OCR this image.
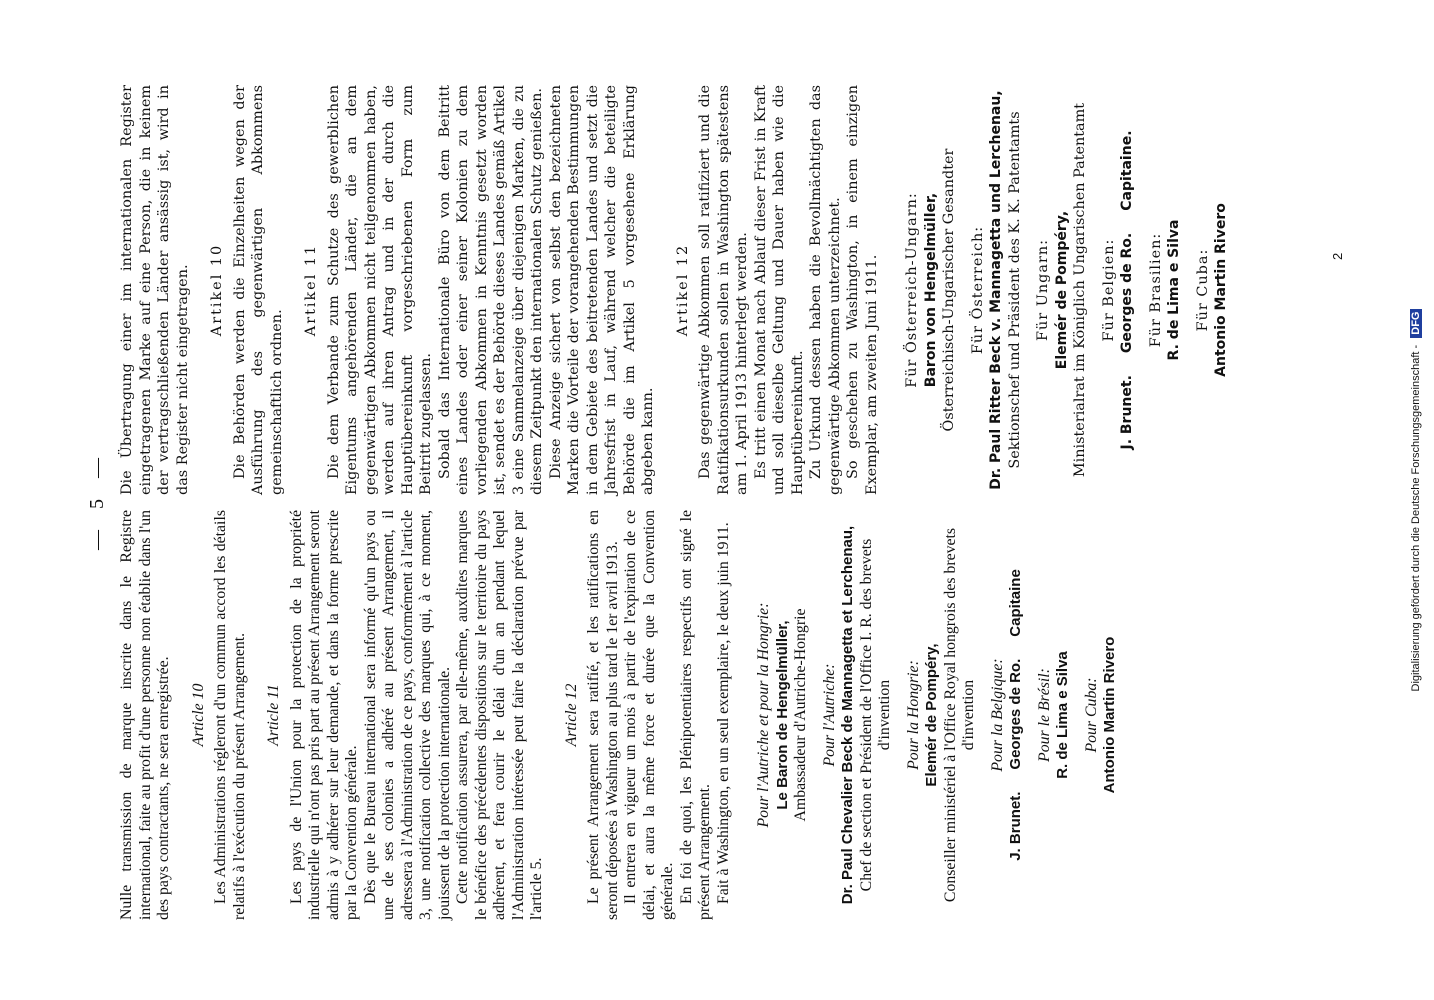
— 5 —

Nulle transmission de marque inscrite dans le Registre international, faite au profit d'une personne non établie dans l'un des pays contractants, ne sera enregistrée. Article 10 Les Administrations régleront d'un commun accord les détails relatifs à l'exécution du présent Arrangement. Article 11 Les pays de l'Union pour la protection de la propriété industrielle qui n'ont pas pris part au présent Arrangement seront admis à y adhérer sur leur demande, et dans la forme prescrite par la Convention générale. Dès que le Bureau international sera informé qu'un pays ou une de ses colonies a adhéré au présent Arrangement, il adressera à l'Administration de ce pays, conformément à l'article 3, une notification collective des marques qui, à ce moment, jouissent de la protection internationale. Cette notification assurera, par elle-même, auxdites marques le bénéfice des précédentes dispositions sur le territoire du pays adhérent, et fera courir le délai d'un an pendant lequel l'Administration intéressée peut faire la déclaration prévue par l'article 5.

Article 12 Le présent Arrangement sera ratifié, et les ratifications en seront déposées à Washington au plus tard le 1er avril 1913. Il entrera en vigueur un mois à partir de l'expiration de ce délai, et aura la même force et durée que la Convention générale. En foi de quoi, les Plénipotentiaires respectifs ont signé le présent Arrangement. Fait à Washington, en un seul exemplaire, le deux juin 1911. Pour l'Autriche et pour la Hongrie: Le Baron de Hengelmüller, Ambassadeur d'Autriche-Hongrie Pour l'Autriche: Dr. Paul Chevalier Beck de Mannagetta et Lerchenau, Chef de section et Président de l'Office I. R. des brevets d'invention Pour la Hongrie: Elemér de Pompéry, Conseiller ministériel à l'Office Royal hongrois des brevets d'invention Pour la Belgique:
J. Brunet.
Georges de Ro.
Capitaine
Pour le Brésil: R. de Lima e Silva Pour Cuba: Antonio Martin Rivero

Die Übertragung einer im internationalen Register eingetragenen Marke auf eine Person, die in keinem der vertragschließenden Länder ansässig ist, wird in das Register nicht eingetragen. Artikel 10 Die Behörden werden die Einzelheiten wegen der Ausführung des gegenwärtigen Abkommens gemeinschaftlich ordnen.

Artikel 11 Die dem Verbande zum Schutze des gewerblichen Eigentums angehörenden Länder, die an dem gegenwärtigen Abkommen nicht teilgenommen haben, werden auf ihren Antrag und in der durch die Hauptübereinkunft vorgeschriebenen Form zum Beitritt zugelassen. Sobald das Internationale Büro von dem Beitritt eines Landes oder einer seiner Kolonien zu dem vorliegenden Abkommen in Kenntnis gesetzt worden ist, sendet es der Behörde dieses Landes gemäß Artikel 3 eine Sammelanzeige über diejenigen Marken, die zu diesem Zeitpunkt den internationalen Schutz genießen. Diese Anzeige sichert von selbst den bezeichneten Marken die Vorteile der vorangehenden Bestimmungen in dem Gebiete des beitretenden Landes und setzt die Jahresfrist in Lauf, während welcher die beteiligte Behörde die im Artikel 5 vorgesehene Erklärung abgeben kann.

Artikel 12 Das gegenwärtige Abkommen soll ratifiziert und die Ratifikationsurkunden sollen in Washington spätestens am 1. April 1913 hinterlegt werden. Es tritt einen Monat nach Ablauf dieser Frist in Kraft und soll dieselbe Geltung und Dauer haben wie die Hauptübereinkunft. Zu Urkund dessen haben die Bevollmächtigten das gegenwärtige Abkommen unterzeichnet. So geschehen zu Washington, in einem einzigen Exemplar, am zweiten Juni 1911. Für Österreich-Ungarn: Baron von Hengelmüller, Österreichisch-Ungarischer Gesandter Für Österreich: Dr. Paul Ritter Beck v. Mannagetta und Lerchenau, Sektionschef und Präsident des K. K. Patentamts Für Ungarn: Elemér de Pompéry, Ministerialrat im Königlich Ungarischen Patentamt Für Belgien:
J. Brunet.
Georges de Ro.
Capitaine.
Für Brasilien: R. de Lima e Silva Für Cuba: Antonio Martin Rivero	2
Digitalisierung gefördert durch die Deutsche Forschungsgemeinschaft - DFG
